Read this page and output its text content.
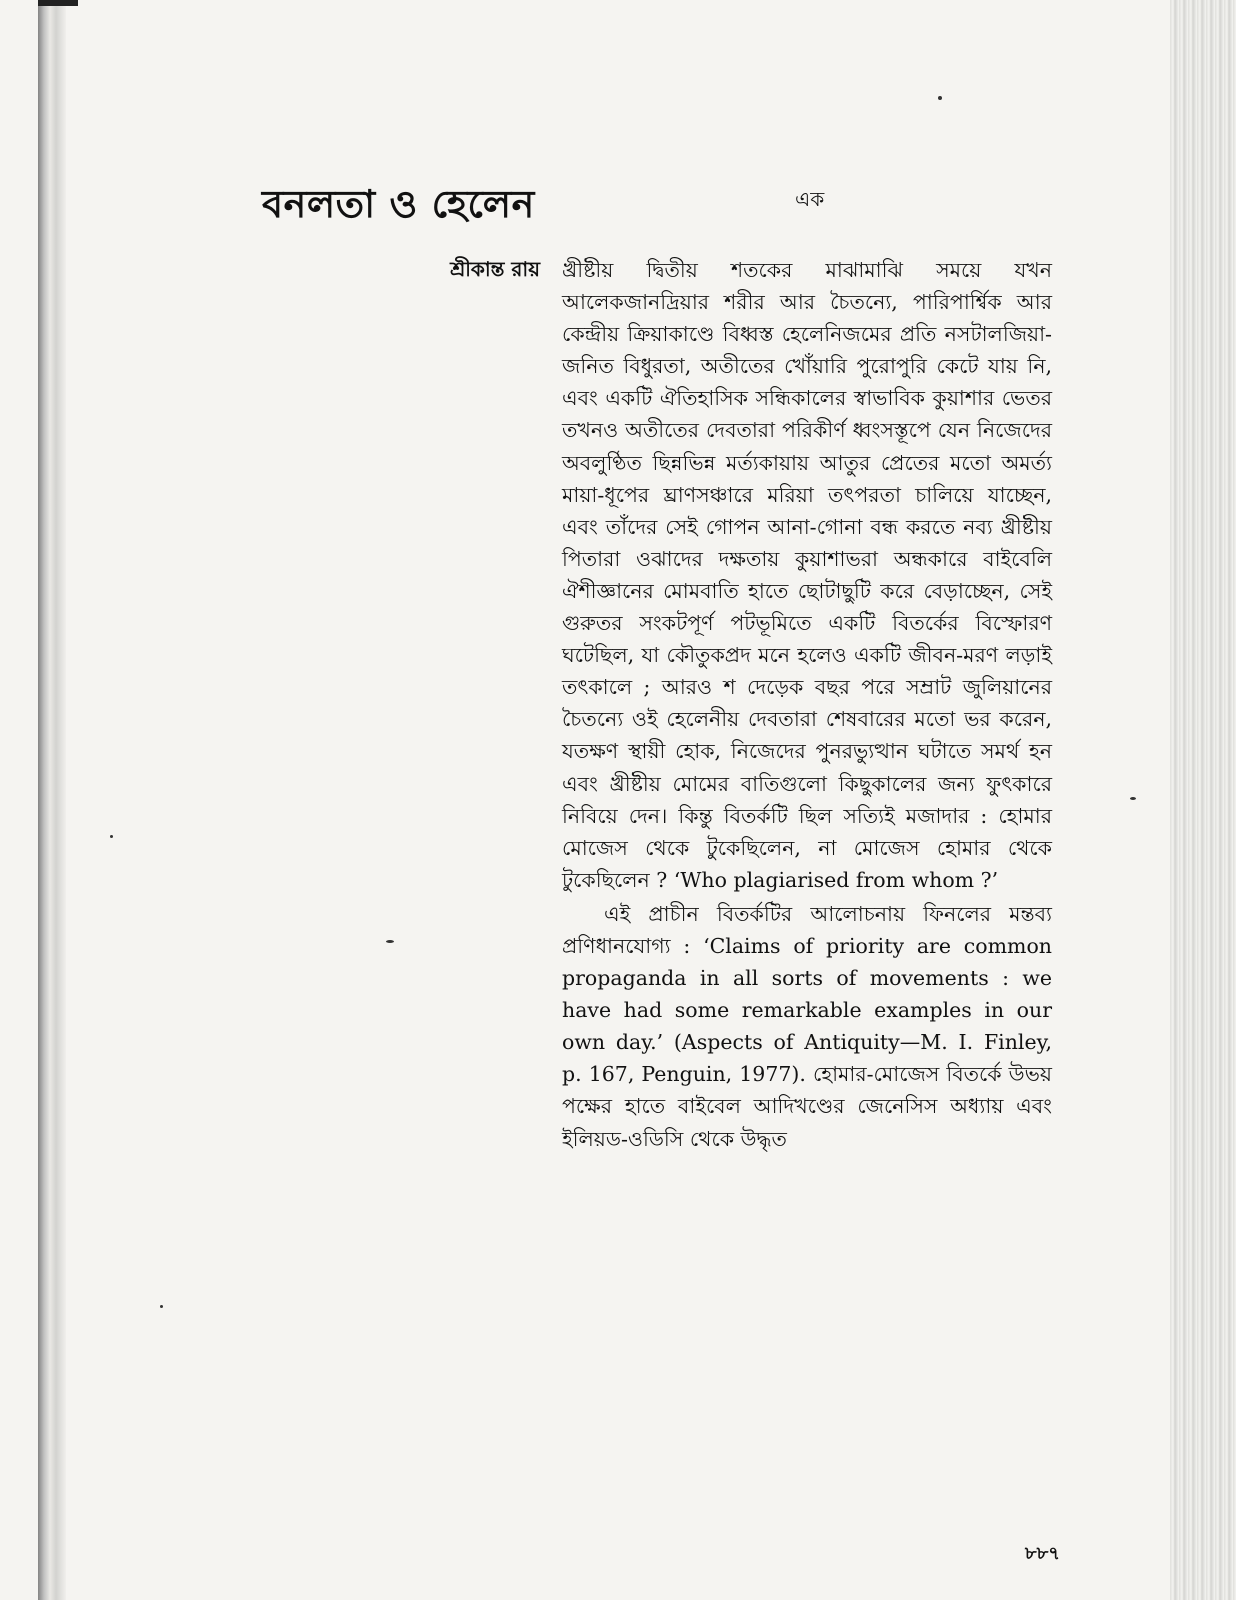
বনলতা ও হেলেন	এক
শ্রীকান্ত রায় খ্রীষ্টীয় দ্বিতীয় শতকের মাঝামাঝি সময়ে যখন আলেকজানদ্রিয়ার শরীর আর চৈতন্যে, পারিপার্শ্বিক আর কেন্দ্রীয় ক্রিয়াকাণ্ডে বিধ্বস্ত হেলেনিজমের প্রতি নসটালজিয়া-জনিত বিধুরতা, অতীতের খোঁয়ারি পুরোপুরি কেটে যায় নি, এবং একটি ঐতিহাসিক সন্ধিকালের স্বাভাবিক কুয়াশার ভেতর তখনও অতীতের দেবতারা পরিকীর্ণ ধ্বংসস্তূপে যেন নিজেদের অবলুণ্ঠিত ছিন্নভিন্ন মর্ত্যকায়ায় আতুর প্রেতের মতো অমর্ত্য মায়া-ধূপের ঘ্রাণসঞ্চারে মরিয়া তৎপরতা চালিয়ে যাচ্ছেন, এবং তাঁদের সেই গোপন আনা-গোনা বন্ধ করতে নব্য খ্রীষ্টীয় পিতারা ওঝাদের দক্ষতায় কুয়াশাভরা অন্ধকারে বাইবেলি ঐশীজ্ঞানের মোমবাতি হাতে ছোটাছুটি করে বেড়াচ্ছেন, সেই গুরুতর সংকটপূর্ণ পটভূমিতে একটি বিতর্কের বিস্ফোরণ ঘটেছিল, যা কৌতুকপ্রদ মনে হলেও একটি জীবন-মরণ লড়াই তৎকালে ; আরও শ দেড়েক বছর পরে সম্রাট জুলিয়ানের চৈতন্যে ওই হেলেনীয় দেবতারা শেষবারের মতো ভর করেন, যতক্ষণ স্থায়ী হোক, নিজেদের পুনরভ্যুত্থান ঘটাতে সমর্থ হন এবং খ্রীষ্টীয় মোমের বাতিগুলো কিছুকালের জন্য ফুৎকারে নিবিয়ে দেন। কিন্তু বিতর্কটি ছিল সত্যিই মজাদার : হোমার মোজেস থেকে টুকেছিলেন, না মোজেস হোমার থেকে টুকেছিলেন ? ‘Who plagiarised from whom ?’

এই প্রাচীন বিতর্কটির আলোচনায় ফিনলের মন্তব্য প্রণিধানযোগ্য : ‘Claims of priority are common propaganda in all sorts of movements : we have had some remarkable examples in our own day.’ (Aspects of Antiquity—M. I. Finley, p. 167, Penguin, 1977). হোমার-মোজেস বিতর্কে উভয় পক্ষের হাতে বাইবেল আদিখণ্ডের জেনেসিস অধ্যায় এবং ইলিয়ড-ওডিসি থেকে উদ্ধৃত

৮৮৭
